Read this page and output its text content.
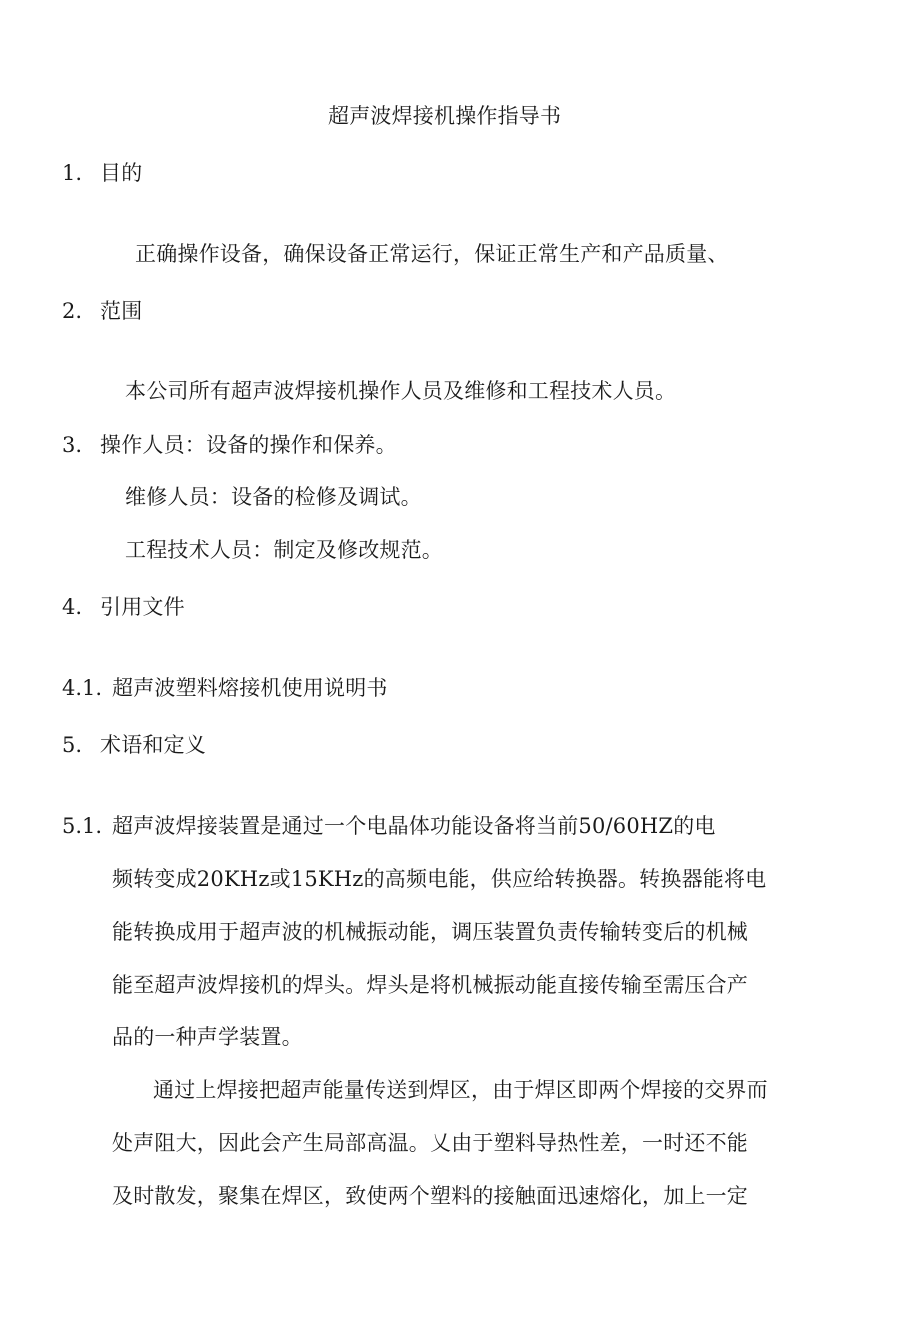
超声波焊接机操作指导书
1. 目的
正确操作设备，确保设备正常运行，保证正常生产和产品质量、
2. 范围
本公司所有超声波焊接机操作人员及维修和工程技术人员。
3. 操作人员：设备的操作和保养。
维修人员：设备的检修及调试。
工程技术人员：制定及修改规范。
4. 引用文件
4.1. 超声波塑料熔接机使用说明书
5. 术语和定义
5.1. 超声波焊接装置是通过一个电晶体功能设备将当前50/60HZ的电
频转变成20KHz或15KHz的高频电能，供应给转换器。转换器能将电
能转换成用于超声波的机械振动能，调压装置负责传输转变后的机械
能至超声波焊接机的焊头。焊头是将机械振动能直接传输至需压合产
品的一种声学装置。
通过上焊接把超声能量传送到焊区，由于焊区即两个焊接的交界而
处声阻大，因此会产生局部高温。乂由于塑料导热性差，一时还不能
及时散发，聚集在焊区，致使两个塑料的接触面迅速熔化，加上一定
